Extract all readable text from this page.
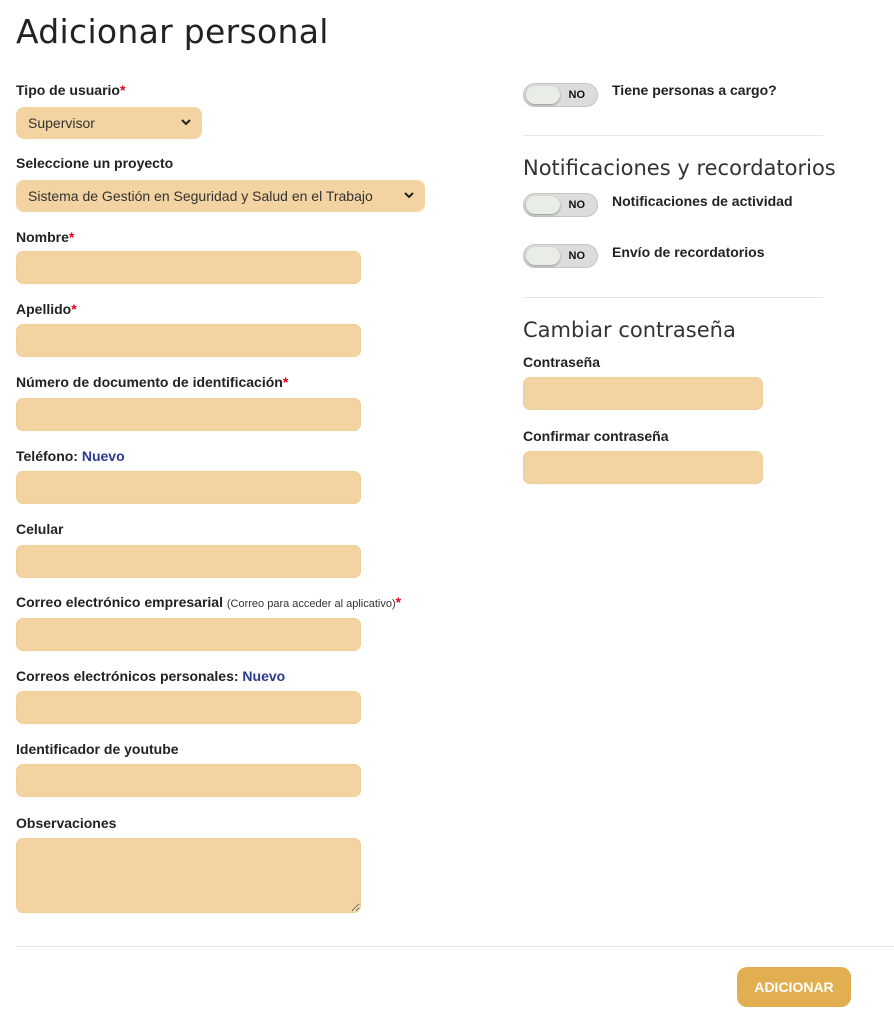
Adicionar personal
Tipo de usuario*
Supervisor
Seleccione un proyecto
Sistema de Gestión en Seguridad y Salud en el Trabajo
Nombre*
Apellido*
Número de documento de identificación*
Teléfono: Nuevo
Celular
Correo electrónico empresarial (Correo para acceder al aplicativo)*
Correos electrónicos personales: Nuevo
Identificador de youtube
Observaciones
NO Tiene personas a cargo?
Notificaciones y recordatorios
NO Notificaciones de actividad
NO Envío de recordatorios
Cambiar contraseña
Contraseña
Confirmar contraseña
ADICIONAR
